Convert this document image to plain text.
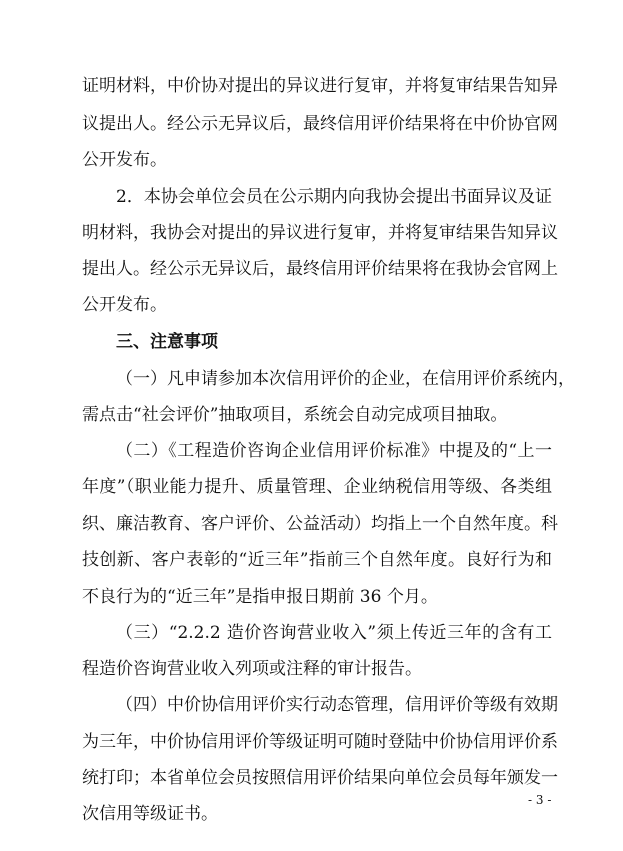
证明材料，中价协对提出的异议进行复审，并将复审结果告知异
议提出人。经公示无异议后，最终信用评价结果将在中价协官网
公开发布。
2．本协会单位会员在公示期内向我协会提出书面异议及证
明材料，我协会对提出的异议进行复审，并将复审结果告知异议
提出人。经公示无异议后，最终信用评价结果将在我协会官网上
公开发布。
三、注意事项
（一）凡申请参加本次信用评价的企业，在信用评价系统内，
需点击“社会评价”抽取项目，系统会自动完成项目抽取。
（二）《工程造价咨询企业信用评价标准》中提及的“上一
年度”（职业能力提升、质量管理、企业纳税信用等级、各类组
织、廉洁教育、客户评价、公益活动）均指上一个自然年度。科
技创新、客户表彰的“近三年”指前三个自然年度。良好行为和
不良行为的“近三年”是指申报日期前 36 个月。
（三）“2.2.2 造价咨询营业收入”须上传近三年的含有工
程造价咨询营业收入列项或注释的审计报告。
（四）中价协信用评价实行动态管理，信用评价等级有效期
为三年，中价协信用评价等级证明可随时登陆中价协信用评价系
统打印；本省单位会员按照信用评价结果向单位会员每年颁发一
次信用等级证书。
- 3 -
